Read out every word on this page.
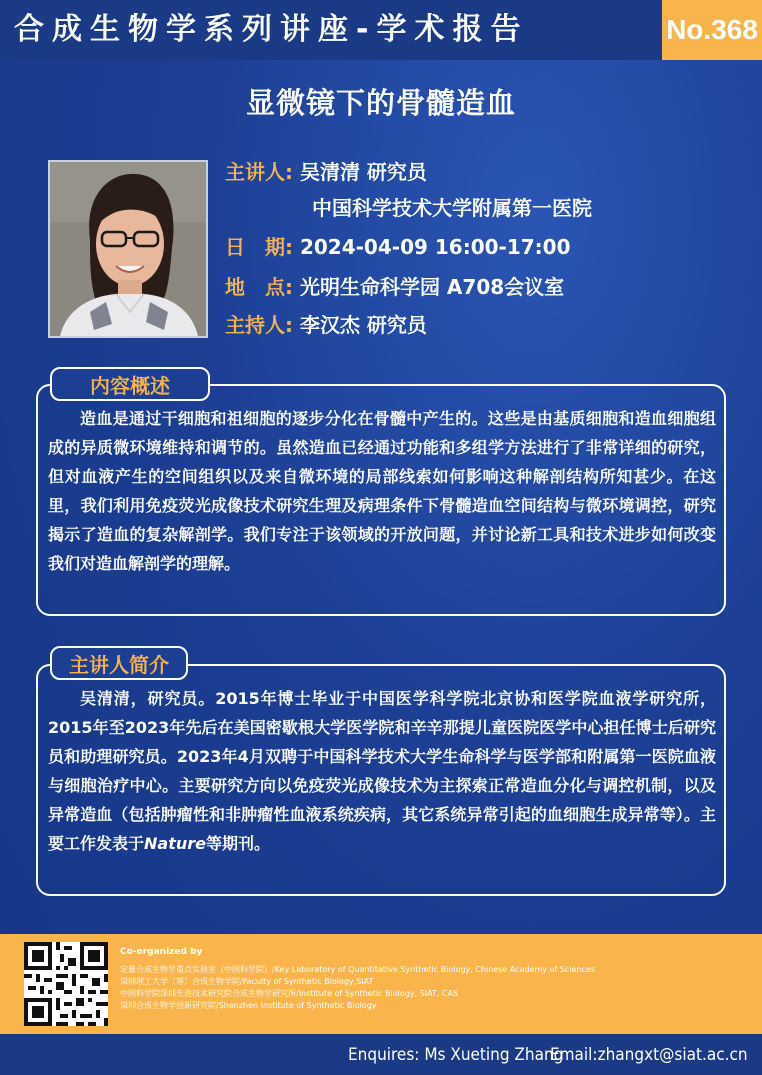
合成生物学系列讲座-学术报告	No.368
显微镜下的骨髓造血
主讲人: 吴清清 研究员
中国科学技术大学附属第一医院
日　期: 2024-04-09 16:00-17:00
地　点: 光明生命科学园 A708会议室
主持人: 李汉杰 研究员
内容概述
造血是通过干细胞和祖细胞的逐步分化在骨髓中产生的。这些是由基质细胞和造血细胞组成的异质微环境维持和调节的。虽然造血已经通过功能和多组学方法进行了非常详细的研究，但对血液产生的空间组织以及来自微环境的局部线索如何影响这种解剖结构所知甚少。在这里，我们利用免疫荧光成像技术研究生理及病理条件下骨髓造血空间结构与微环境调控，研究揭示了造血的复杂解剖学。我们专注于该领域的开放问题，并讨论新工具和技术进步如何改变我们对造血解剖学的理解。
主讲人简介
吴清清，研究员。2015年博士毕业于中国医学科学院北京协和医学院血液学研究所，2015年至2023年先后在美国密歇根大学医学院和辛辛那提儿童医院医学中心担任博士后研究员和助理研究员。2023年4月双聘于中国科学技术大学生命科学与医学部和附属第一医院血液与细胞治疗中心。主要研究方向以免疫荧光成像技术为主探索正常造血分化与调控机制，以及异常造血（包括肿瘤性和非肿瘤性血液系统疾病，其它系统异常引起的血细胞生成异常等）。主要工作发表于Nature等期刊。
Co-organized by
定量合成生物学重点实验室（中国科学院）/Key Laboratory of Quantitative Synthetic Biology, Chinese Academy of Sciences
深圳理工大学（筹）合成生物学院/Faculty of Synthetic Biology,SIAT
中国科学院深圳先进技术研究院合成生物学研究所/Institute of Synthetic Biology, SIAT, CAS
深圳合成生物学创新研究院/Shenzhen Institute of Synthetic Biology
Enquires: Ms Xueting Zhang
Email:zhangxt@siat.ac.cn
